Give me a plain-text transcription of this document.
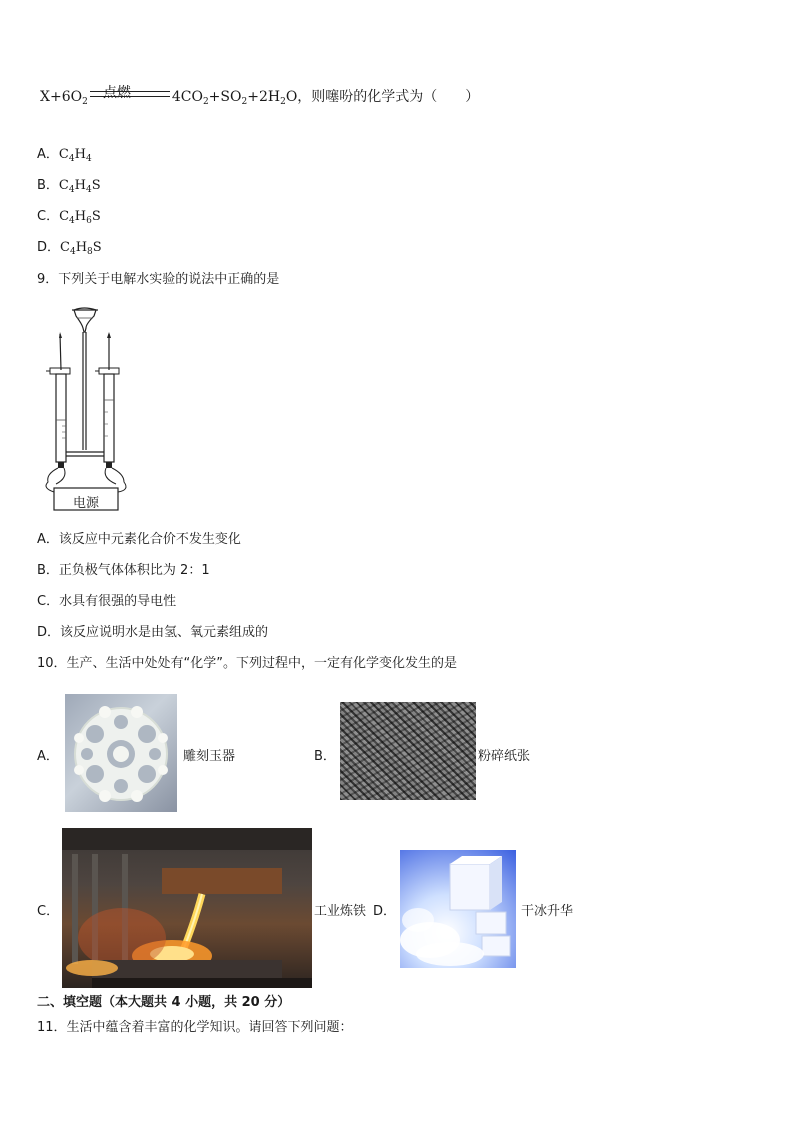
点燃
$X+6O_2$	$4CO_2+SO_2+2H_2O$，则噻吩的化学式为（　　）
A．$C_4H_4$
B．$C_4H_4S$
C．$C_4H_6S$
D．$C_4H_8S$
9．下列关于电解水实验的说法中正确的是
电源
A．该反应中元素化合价不发生变化
B．正负极气体体积比为 2：1
C．水具有很强的导电性
D．该反应说明水是由氢、氧元素组成的
10．生产、生活中处处有“化学”。下列过程中，一定有化学变化发生的是
A．	雕刻玉器	B．	粉碎纸张
C．	工业炼铁 D．	干冰升华
二、填空题（本大题共 4 小题，共 20 分）
11．生活中蕴含着丰富的化学知识。请回答下列问题：
